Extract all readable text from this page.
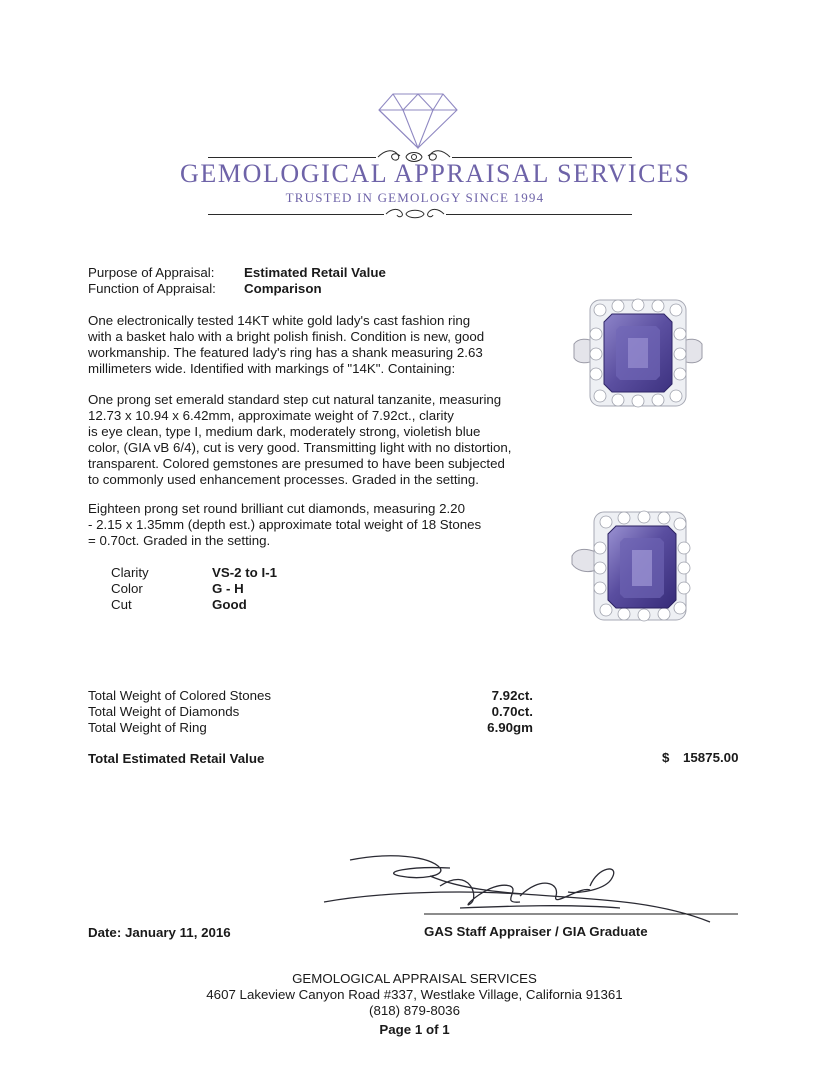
GEMOLOGICAL APPRAISAL SERVICES
TRUSTED IN GEMOLOGY SINCE 1994
Purpose of Appraisal: Estimated Retail Value
Function of Appraisal: Comparison
One electronically tested 14KT white gold lady's cast fashion ring
with a basket halo with a bright polish finish. Condition is new, good
workmanship. The featured lady's ring has a shank measuring 2.63
millimeters wide. Identified with markings of "14K". Containing:
One prong set emerald standard step cut natural tanzanite, measuring
12.73 x 10.94 x 6.42mm, approximate weight of 7.92ct., clarity
is eye clean, type I, medium dark, moderately strong, violetish blue
color, (GIA vB 6/4), cut is very good. Transmitting light with no distortion,
transparent. Colored gemstones are presumed to have been subjected
to commonly used enhancement processes. Graded in the setting.
Eighteen prong set round brilliant cut diamonds, measuring 2.20
- 2.15 x 1.35mm (depth est.) approximate total weight of 18 Stones
= 0.70ct. Graded in the setting.
Clarity	VS-2 to I-1
Color	G - H
Cut	Good
Total Weight of Colored Stones	7.92ct.
Total Weight of Diamonds	0.70ct.
Total Weight of Ring	6.90gm
Total Estimated Retail Value	$ 15875.00
Date: January 11, 2016	GAS Staff Appraiser / GIA Graduate
GEMOLOGICAL APPRAISAL SERVICES
4607 Lakeview Canyon Road #337, Westlake Village, California 91361
(818) 879-8036
Page 1 of 1
